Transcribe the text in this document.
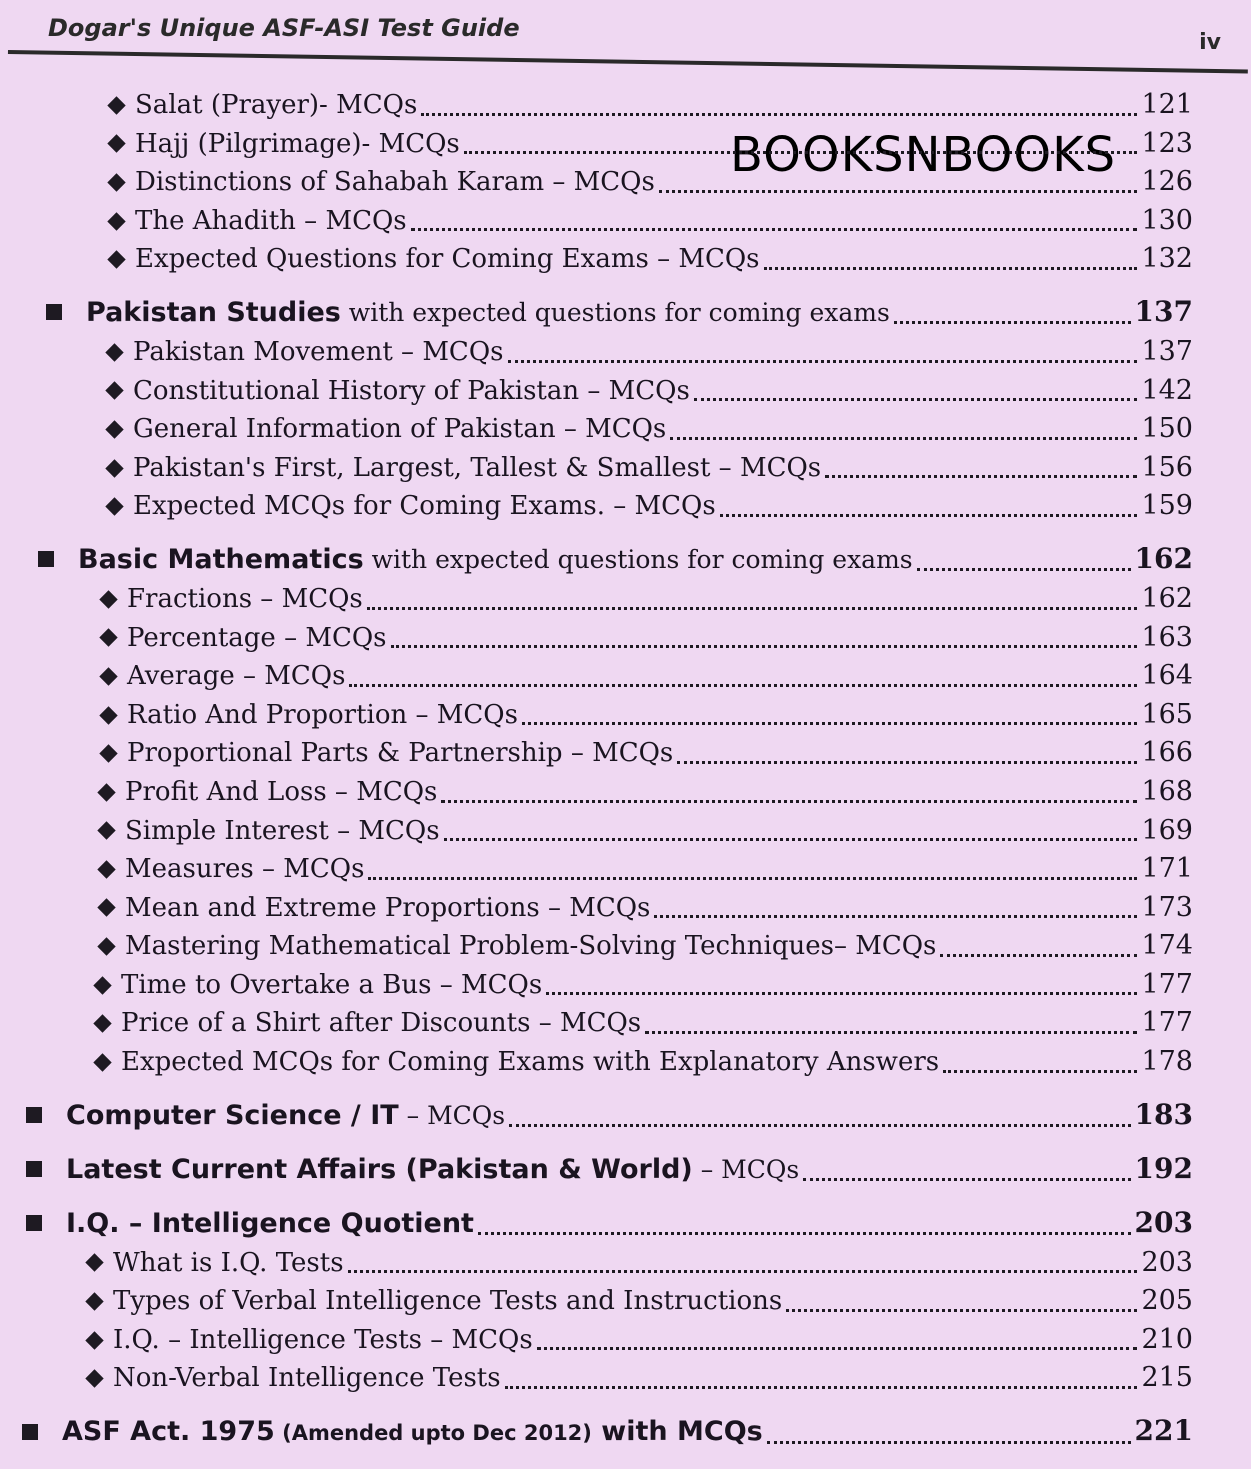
Dogar's Unique ASF-ASI Test Guide
iv
BOOKSNBOOKS
Salat (Prayer)- MCQs	121
Hajj (Pilgrimage)- MCQs	123
Distinctions of Sahabah Karam – MCQs	126
The Ahadith – MCQs	130
Expected Questions for Coming Exams – MCQs	132
Pakistan Studies with expected questions for coming exams	137
Pakistan Movement – MCQs	137
Constitutional History of Pakistan – MCQs	142
General Information of Pakistan – MCQs	150
Pakistan's First, Largest, Tallest & Smallest – MCQs	156
Expected MCQs for Coming Exams. – MCQs	159
Basic Mathematics with expected questions for coming exams	162
Fractions – MCQs	162
Percentage – MCQs	163
Average – MCQs	164
Ratio And Proportion – MCQs	165
Proportional Parts & Partnership – MCQs	166
Profit And Loss – MCQs	168
Simple Interest – MCQs	169
Measures – MCQs	171
Mean and Extreme Proportions – MCQs	173
Mastering Mathematical Problem-Solving Techniques– MCQs	174
Time to Overtake a Bus – MCQs	177
Price of a Shirt after Discounts – MCQs	177
Expected MCQs for Coming Exams with Explanatory Answers	178
Computer Science / IT – MCQs	183
Latest Current Affairs (Pakistan & World) – MCQs	192
I.Q. – Intelligence Quotient	203
What is I.Q. Tests	203
Types of Verbal Intelligence Tests and Instructions	205
I.Q. – Intelligence Tests – MCQs	210
Non-Verbal Intelligence Tests	215
ASF Act. 1975 (Amended upto Dec 2012) with MCQs	221
